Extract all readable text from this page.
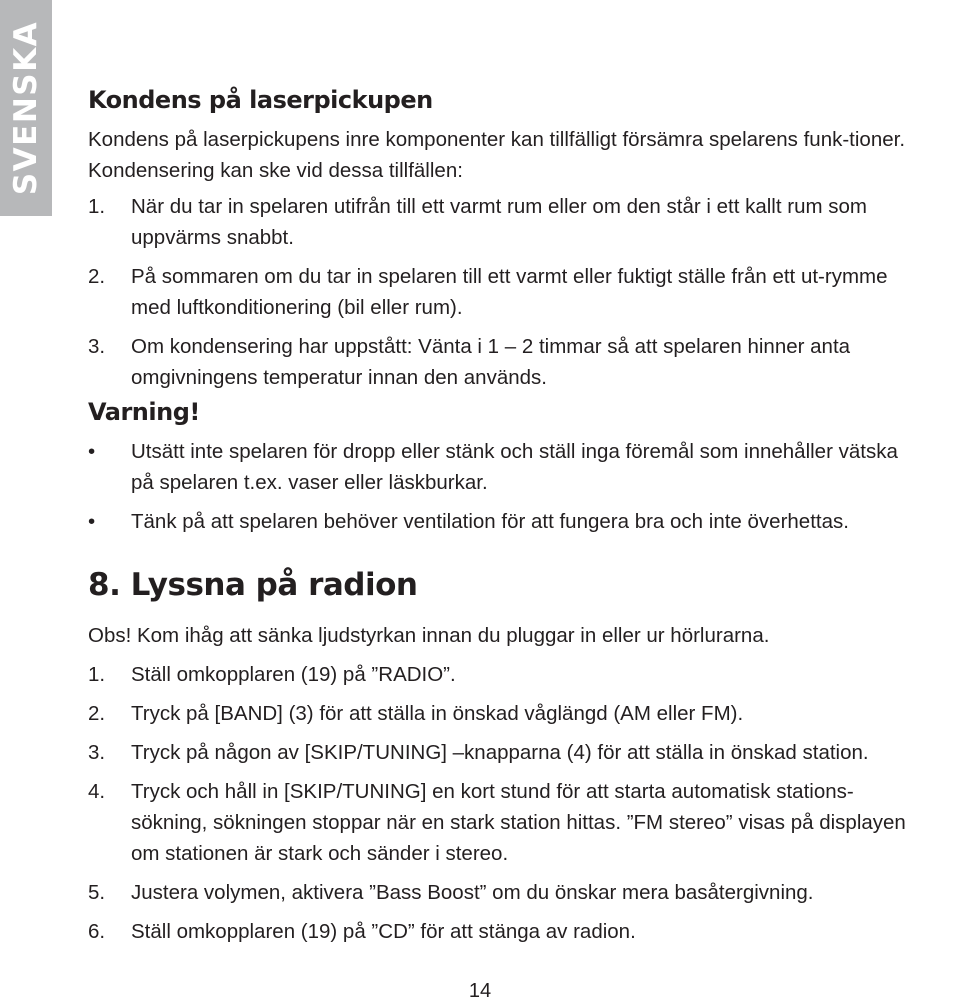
SVENSKA Kondens på laserpickupen

Kondens på laserpickupens inre komponenter kan tillfälligt försämra spelarens funk-tioner. Kondensering kan ske vid dessa tillfällen:

1. När du tar in spelaren utifrån till ett varmt rum eller om den står i ett kallt rum som uppvärms snabbt.
2. På sommaren om du tar in spelaren till ett varmt eller fuktigt ställe från ett ut-rymme med luftkonditionering (bil eller rum).
3. Om kondensering har uppstått: Vänta i 1 – 2 timmar så att spelaren hinner anta omgivningens temperatur innan den används.
Varning!
• Utsätt inte spelaren för dropp eller stänk och ställ inga föremål som innehåller vätska på spelaren t.ex. vaser eller läskburkar.
• Tänk på att spelaren behöver ventilation för att fungera bra och inte överhettas.
8. Lyssna på radion

Obs! Kom ihåg att sänka ljudstyrkan innan du pluggar in eller ur hörlurarna.

1. Ställ omkopplaren (19) på ”RADIO”.
2. Tryck på [BAND] (3) för att ställa in önskad våglängd (AM eller FM).
3. Tryck på någon av [SKIP/TUNING] –knapparna (4) för att ställa in önskad station.
4. Tryck och håll in [SKIP/TUNING] en kort stund för att starta automatisk stations-sökning, sökningen stoppar när en stark station hittas. ”FM stereo” visas på displayen om stationen är stark och sänder i stereo.
5. Justera volymen, aktivera ”Bass Boost” om du önskar mera basåtergivning.
6. Ställ omkopplaren (19) på ”CD” för att stänga av radion.
14
